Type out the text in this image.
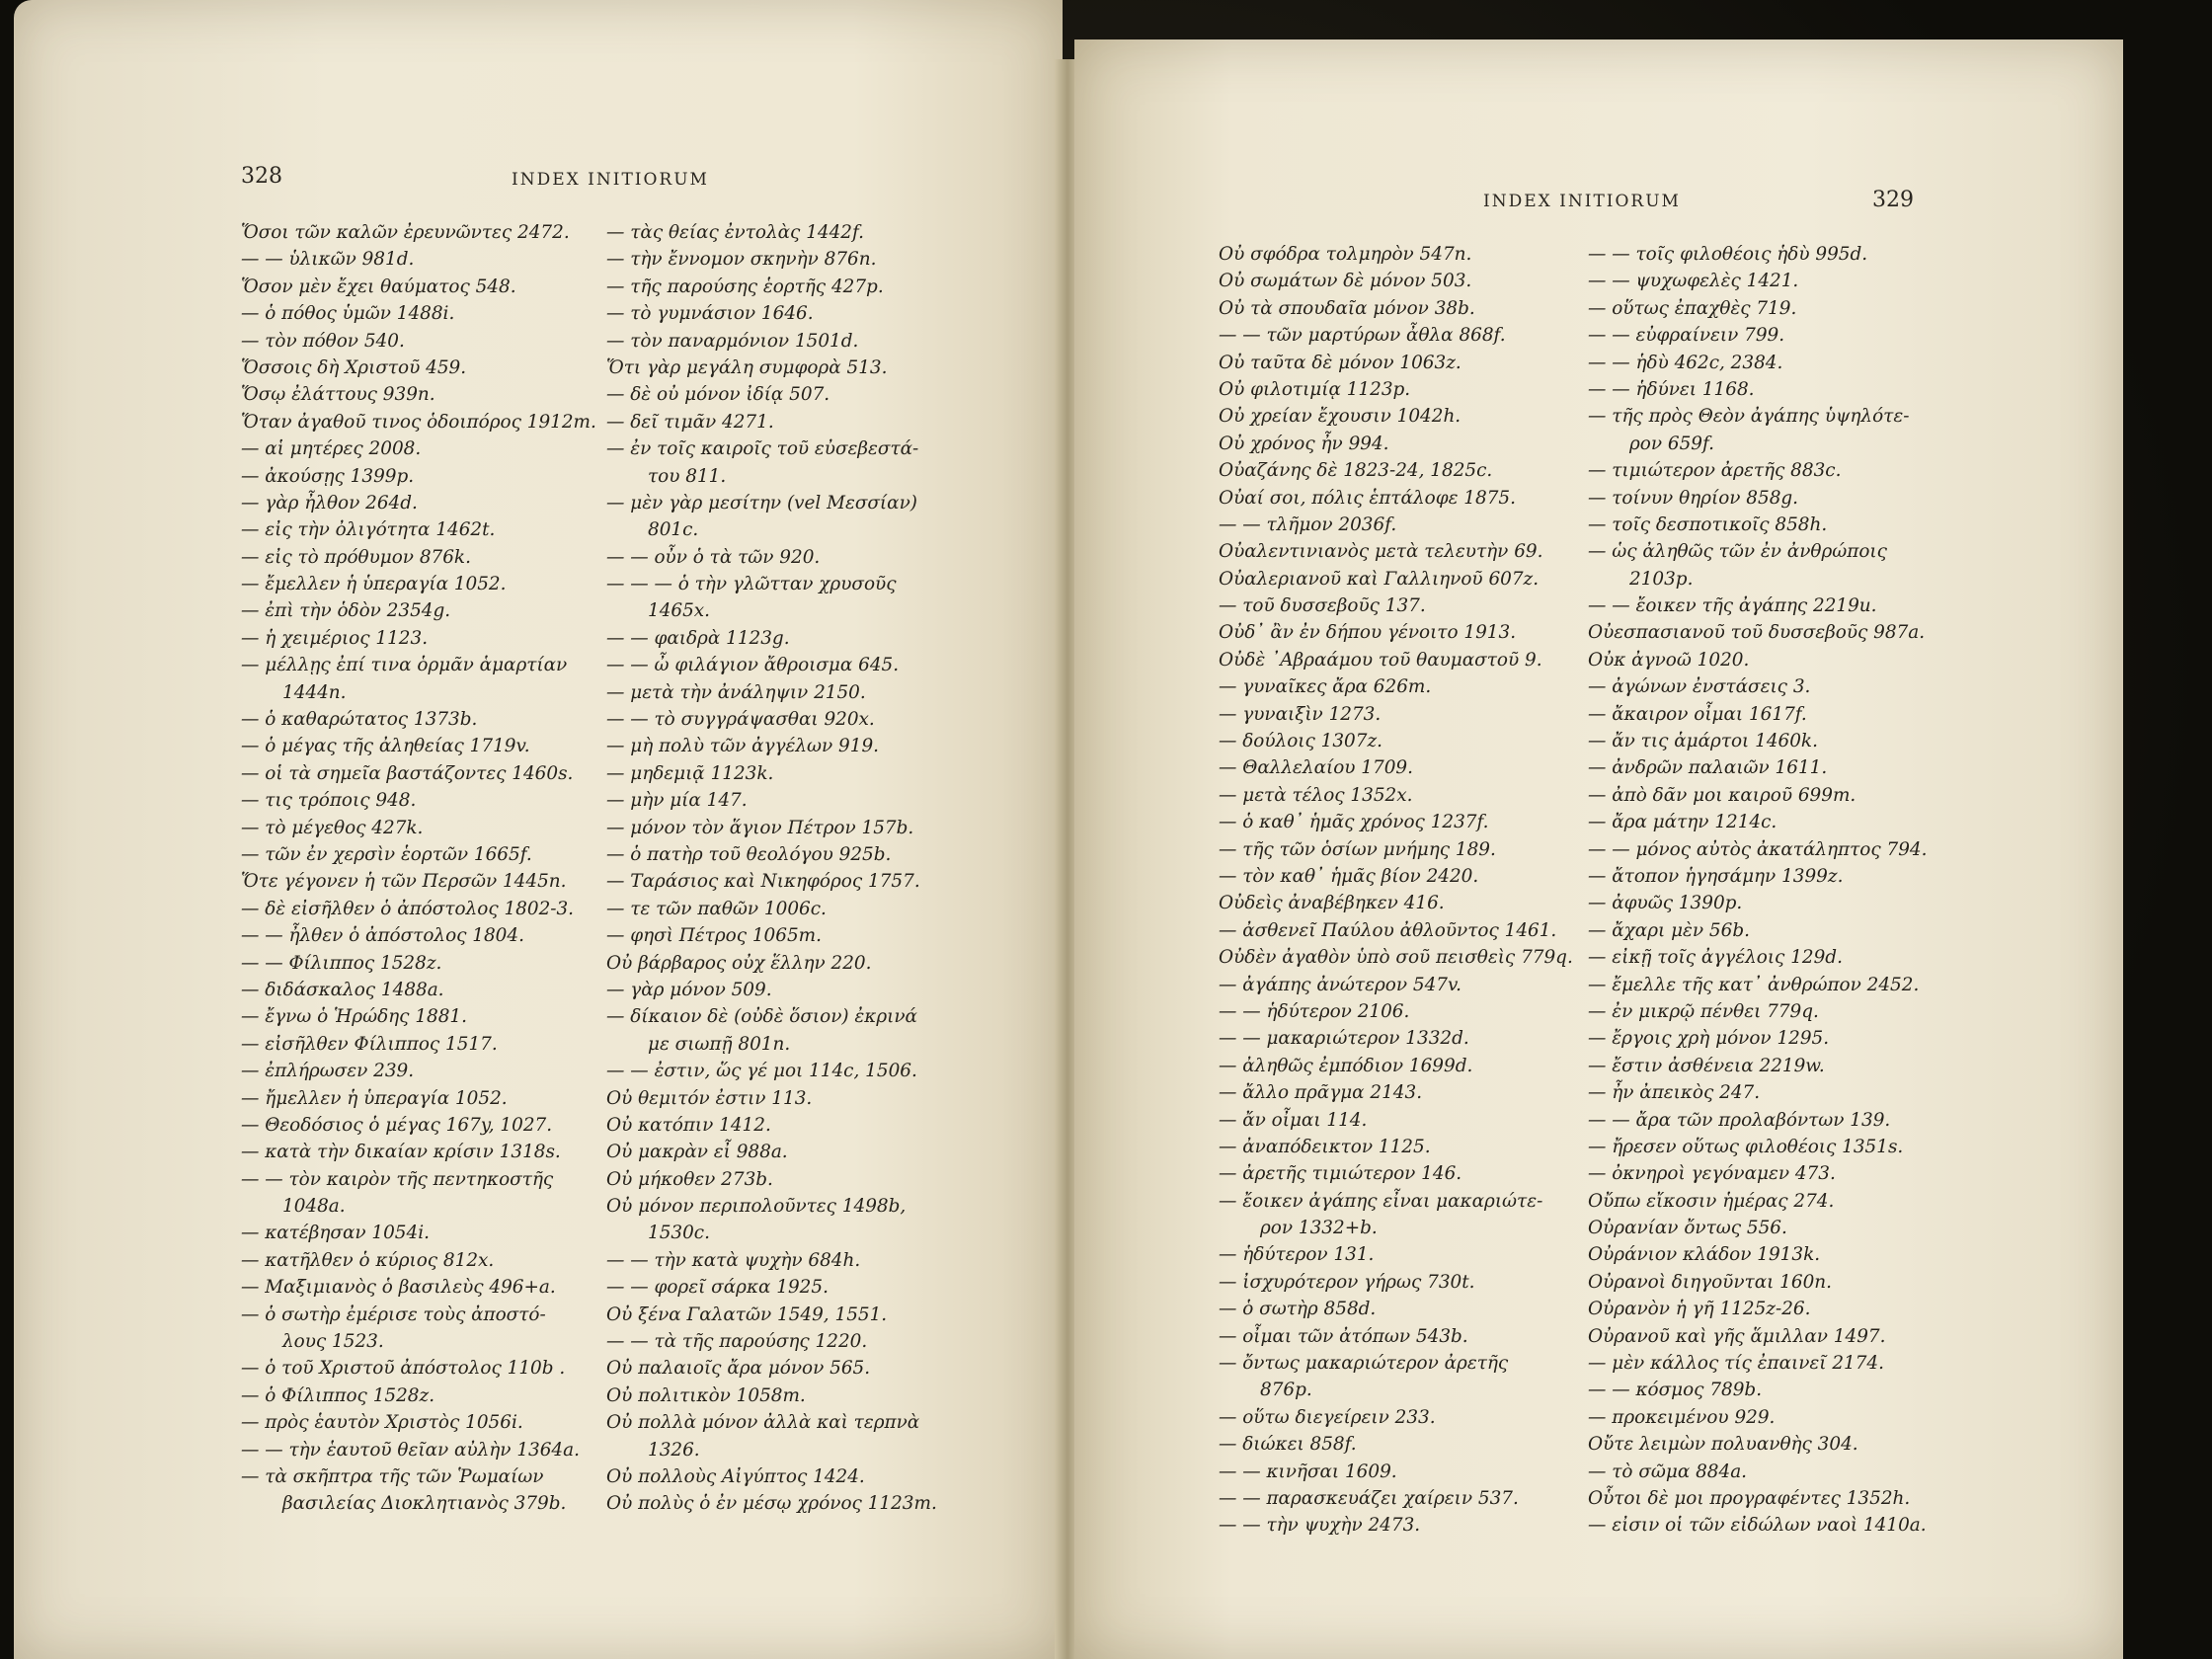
328	INDEX INITIORUM
Ὅσοι τῶν καλῶν ἐρευνῶντες 2472.
— — ὑλικῶν 981d.
Ὅσον μὲν ἔχει θαύματος 548.
— ὁ πόθος ὑμῶν 1488i.
— τὸν πόθον 540.
Ὅσσοις δὴ Χριστοῦ 459.
Ὅσῳ ἐλάττους 939n.
Ὅταν ἀγαθοῦ τινος ὁδοιπόρος 1912m.
— αἱ μητέρες 2008.
— ἀκούσῃς 1399p.
— γὰρ ἦλθον 264d.
— εἰς τὴν ὀλιγότητα 1462t.
— εἰς τὸ πρόθυμον 876k.
— ἔμελλεν ἡ ὑπεραγία 1052.
— ἐπὶ τὴν ὁδὸν 2354g.
— ἡ χειμέριος 1123.
— μέλλῃς ἐπί τινα ὁρμᾶν ἁμαρτίαν
1444n.
— ὁ καθαρώτατος 1373b.
— ὁ μέγας τῆς ἀληθείας 1719v.
— οἱ τὰ σημεῖα βαστάζοντες 1460s.
— τις τρόποις 948.
— τὸ μέγεθος 427k.
— τῶν ἐν χερσὶν ἑορτῶν 1665f.
Ὅτε γέγονεν ἡ τῶν Περσῶν 1445n.
— δὲ εἰσῆλθεν ὁ ἀπόστολος 1802-3.
— — ἦλθεν ὁ ἀπόστολος 1804.
— — Φίλιππος 1528z.
— διδάσκαλος 1488a.
— ἔγνω ὁ Ἡρώδης 1881.
— εἰσῆλθεν Φίλιππος 1517.
— ἐπλήρωσεν 239.
— ἤμελλεν ἡ ὑπεραγία 1052.
— Θεοδόσιος ὁ μέγας 167y, 1027.
— κατὰ τὴν δικαίαν κρίσιν 1318s.
— — τὸν καιρὸν τῆς πεντηκοστῆς
1048a.
— κατέβησαν 1054i.
— κατῆλθεν ὁ κύριος 812x.
— Μαξιμιανὸς ὁ βασιλεὺς 496+a.
— ὁ σωτὴρ ἐμέρισε τοὺς ἀποστό-
λους 1523.
— ὁ τοῦ Χριστοῦ ἀπόστολος 110b .
— ὁ Φίλιππος 1528z.
— πρὸς ἑαυτὸν Χριστὸς 1056i.
— — τὴν ἑαυτοῦ θεῖαν αὐλὴν 1364a.
— τὰ σκῆπτρα τῆς τῶν Ῥωμαίων
βασιλείας Διοκλητιανὸς 379b.
— τὰς θείας ἐντολὰς 1442f.
— τὴν ἔννομον σκηνὴν 876n.
— τῆς παρούσης ἑορτῆς 427p.
— τὸ γυμνάσιον 1646.
— τὸν παναρμόνιον 1501d.
Ὅτι γὰρ μεγάλη συμφορὰ 513.
— δὲ οὐ μόνον ἰδίᾳ 507.
— δεῖ τιμᾶν 4271.
— ἐν τοῖς καιροῖς τοῦ εὐσεβεστά-
του 811.
— μὲν γὰρ μεσίτην (vel Μεσσίαν)
801c.
— — οὖν ὁ τὰ τῶν 920.
— — — ὁ τὴν γλῶτταν χρυσοῦς
1465x.
— — φαιδρὰ 1123g.
— — ὦ φιλάγιον ἄθροισμα 645.
— μετὰ τὴν ἀνάληψιν 2150.
— — τὸ συγγράψασθαι 920x.
— μὴ πολὺ τῶν ἀγγέλων 919.
— μηδεμιᾷ 1123k.
— μὴν μία 147.
— μόνον τὸν ἅγιον Πέτρον 157b.
— ὁ πατὴρ τοῦ θεολόγου 925b.
— Ταράσιος καὶ Νικηφόρος 1757.
— τε τῶν παθῶν 1006c.
— φησὶ Πέτρος 1065m.
Οὐ βάρβαρος οὐχ ἕλλην 220.
— γὰρ μόνον 509.
— δίκαιον δὲ (οὐδὲ ὅσιον) ἐκρινά
με σιωπῇ 801n.
— — ἐστιν, ὥς γέ μοι 114c, 1506.
Οὐ θεμιτόν ἐστιν 113.
Οὐ κατόπιν 1412.
Οὐ μακρὰν εἶ 988a.
Οὐ μήκοθεν 273b.
Οὐ μόνον περιπολοῦντες 1498b,
1530c.
— — τὴν κατὰ ψυχὴν 684h.
— — φορεῖ σάρκα 1925.
Οὐ ξένα Γαλατῶν 1549, 1551.
— — τὰ τῆς παρούσης 1220.
Οὐ παλαιοῖς ἄρα μόνον 565.
Οὐ πολιτικὸν 1058m.
Οὐ πολλὰ μόνον ἀλλὰ καὶ τερπνὰ
1326.
Οὐ πολλοὺς Αἰγύπτος 1424.
Οὐ πολὺς ὁ ἐν μέσῳ χρόνος 1123m.
INDEX INITIORUM	329
Οὐ σφόδρα τολμηρὸν 547n.
Οὐ σωμάτων δὲ μόνον 503.
Οὐ τὰ σπουδαῖα μόνον 38b.
— — τῶν μαρτύρων ἆθλα 868f.
Οὐ ταῦτα δὲ μόνον 1063z.
Οὐ φιλοτιμίᾳ 1123p.
Οὐ χρείαν ἔχουσιν 1042h.
Οὐ χρόνος ἦν 994.
Οὐαζάνης δὲ 1823-24, 1825c.
Οὐαί σοι, πόλις ἑπτάλοφε 1875.
— — τλῆμον 2036f.
Οὐαλεντινιανὸς μετὰ τελευτὴν 69.
Οὐαλεριανοῦ καὶ Γαλλιηνοῦ 607z.
— τοῦ δυσσεβοῦς 137.
Οὐδ᾽ ἂν ἐν δήπου γένοιτο 1913.
Οὐδὲ ᾿Αβραάμου τοῦ θαυμαστοῦ 9.
— γυναῖκες ἄρα 626m.
— γυναιξὶν 1273.
— δούλοις 1307z.
— Θαλλελαίου 1709.
— μετὰ τέλος 1352x.
— ὁ καθ᾽ ἡμᾶς χρόνος 1237f.
— τῆς τῶν ὁσίων μνήμης 189.
— τὸν καθ᾽ ἡμᾶς βίον 2420.
Οὐδεὶς ἀναβέβηκεν 416.
— ἀσθενεῖ Παύλου ἀθλοῦντος 1461.
Οὐδὲν ἀγαθὸν ὑπὸ σοῦ πεισθεὶς 779q.
— ἀγάπης ἀνώτερον 547v.
— — ἡδύτερον 2106.
— — μακαριώτερον 1332d.
— ἀληθῶς ἐμπόδιον 1699d.
— ἄλλο πρᾶγμα 2143.
— ἄν οἶμαι 114.
— ἀναπόδεικτον 1125.
— ἀρετῆς τιμιώτερον 146.
— ἔοικεν ἀγάπης εἶναι μακαριώτε-
ρον 1332+b.
— ἡδύτερον 131.
— ἰσχυρότερον γήρως 730t.
— ὁ σωτὴρ 858d.
— οἶμαι τῶν ἀτόπων 543b.
— ὄντως μακαριώτερον ἀρετῆς
876p.
— οὕτω διεγείρειν 233.
— διώκει 858f.
— — κινῆσαι 1609.
— — παρασκευάζει χαίρειν 537.
— — τὴν ψυχὴν 2473.
— — τοῖς φιλοθέοις ἡδὺ 995d.
— — ψυχωφελὲς 1421.
— οὕτως ἐπαχθὲς 719.
— — εὐφραίνειν 799.
— — ἡδὺ 462c, 2384.
— — ἡδύνει 1168.
— τῆς πρὸς Θεὸν ἀγάπης ὑψηλότε-
ρον 659f.
— τιμιώτερον ἀρετῆς 883c.
— τοίνυν θηρίον 858g.
— τοῖς δεσποτικοῖς 858h.
— ὡς ἀληθῶς τῶν ἐν ἀνθρώποις
2103p.
— — ἔοικεν τῆς ἀγάπης 2219u.
Οὐεσπασιανοῦ τοῦ δυσσεβοῦς 987a.
Οὐκ ἀγνοῶ 1020.
— ἀγώνων ἐνστάσεις 3.
— ἄκαιρον οἶμαι 1617f.
— ἄν τις ἁμάρτοι 1460k.
— ἀνδρῶν παλαιῶν 1611.
— ἀπὸ δᾶν μοι καιροῦ 699m.
— ἄρα μάτην 1214c.
— — μόνος αὐτὸς ἀκατάληπτος 794.
— ἄτοπον ἡγησάμην 1399z.
— ἀφυῶς 1390p.
— ἄχαρι μὲν 56b.
— εἰκῇ τοῖς ἀγγέλοις 129d.
— ἔμελλε τῆς κατ᾽ ἀνθρώπον 2452.
— ἐν μικρῷ πένθει 779q.
— ἔργοις χρὴ μόνον 1295.
— ἔστιν ἀσθένεια 2219w.
— ἦν ἀπεικὸς 247.
— — ἄρα τῶν προλαβόντων 139.
— ἤρεσεν οὕτως φιλοθέοις 1351s.
— ὀκνηροὶ γεγόναμεν 473.
Οὔπω εἴκοσιν ἡμέρας 274.
Οὐρανίαν ὄντως 556.
Οὐράνιον κλάδον 1913k.
Οὐρανοὶ διηγοῦνται 160n.
Οὐρανὸν ἡ γῆ 1125z-26.
Οὐρανοῦ καὶ γῆς ἅμιλλαν 1497.
— μὲν κάλλος τίς ἐπαινεῖ 2174.
— — κόσμος 789b.
— προκειμένου 929.
Οὔτε λειμὼν πολυανθὴς 304.
— τὸ σῶμα 884a.
Οὗτοι δὲ μοι προγραφέντες 1352h.
— εἰσιν οἱ τῶν εἰδώλων ναοὶ 1410a.
